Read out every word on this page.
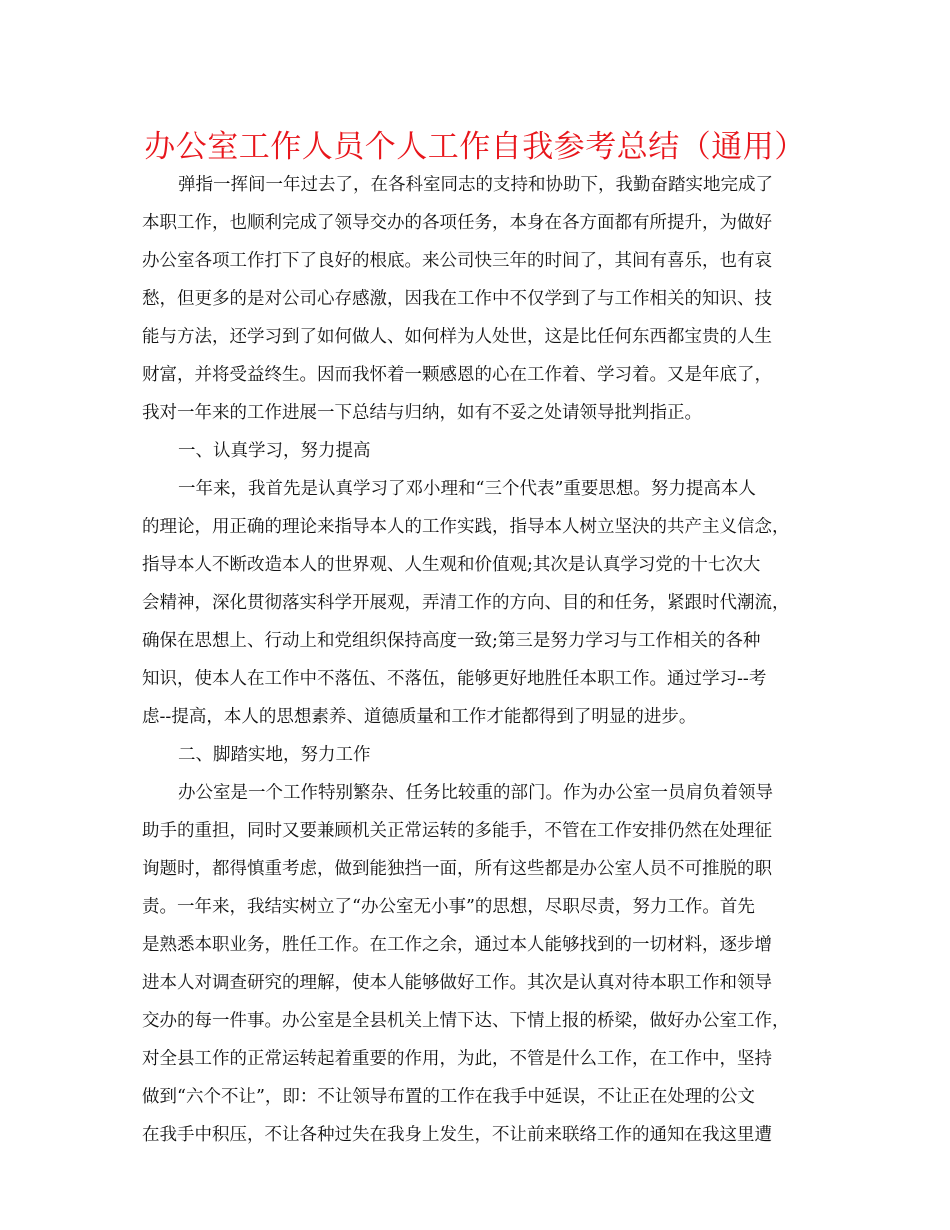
办公室工作人员个人工作自我参考总结（通用）
弹指一挥间一年过去了，在各科室同志的支持和协助下，我勤奋踏实地完成了
本职工作，也顺利完成了领导交办的各项任务，本身在各方面都有所提升，为做好
办公室各项工作打下了良好的根底。来公司快三年的时间了，其间有喜乐，也有哀
愁，但更多的是对公司心存感激，因我在工作中不仅学到了与工作相关的知识、技
能与方法，还学习到了如何做人、如何样为人处世，这是比任何东西都宝贵的人生
财富，并将受益终生。因而我怀着一颗感恩的心在工作着、学习着。又是年底了，
我对一年来的工作进展一下总结与归纳，如有不妥之处请领导批判指正。
一、认真学习，努力提高
一年来，我首先是认真学习了邓小理和“三个代表”重要思想。努力提高本人
的理论，用正确的理论来指导本人的工作实践，指导本人树立坚決的共产主义信念，
指导本人不断改造本人的世界观、人生观和价值观;其次是认真学习党的十七次大
会精神，深化贯彻落实科学开展观，弄清工作的方向、目的和任务，紧跟时代潮流，
确保在思想上、行动上和党组织保持高度一致;第三是努力学习与工作相关的各种
知识，使本人在工作中不落伍、不落伍，能够更好地胜任本职工作。通过学习--考
虑--提高，本人的思想素养、道德质量和工作才能都得到了明显的进步。
二、脚踏实地，努力工作
办公室是一个工作特别繁杂、任务比较重的部门。作为办公室一员肩负着领导
助手的重担，同时又要兼顾机关正常运转的多能手，不管在工作安排仍然在处理征
询题时，都得慎重考虑，做到能独挡一面，所有这些都是办公室人员不可推脱的职
责。一年来，我结实树立了“办公室无小事”的思想，尽职尽责，努力工作。首先
是熟悉本职业务，胜任工作。在工作之余，通过本人能够找到的一切材料，逐步增
进本人对调查研究的理解，使本人能够做好工作。其次是认真对待本职工作和领导
交办的每一件事。办公室是全县机关上情下达、下情上报的桥梁，做好办公室工作，
对全县工作的正常运转起着重要的作用，为此，不管是什么工作，在工作中，坚持
做到“六个不让”，即：不让领导布置的工作在我手中延误，不让正在处理的公文
在我手中积压，不让各种过失在我身上发生，不让前来联络工作的通知在我这里遭
